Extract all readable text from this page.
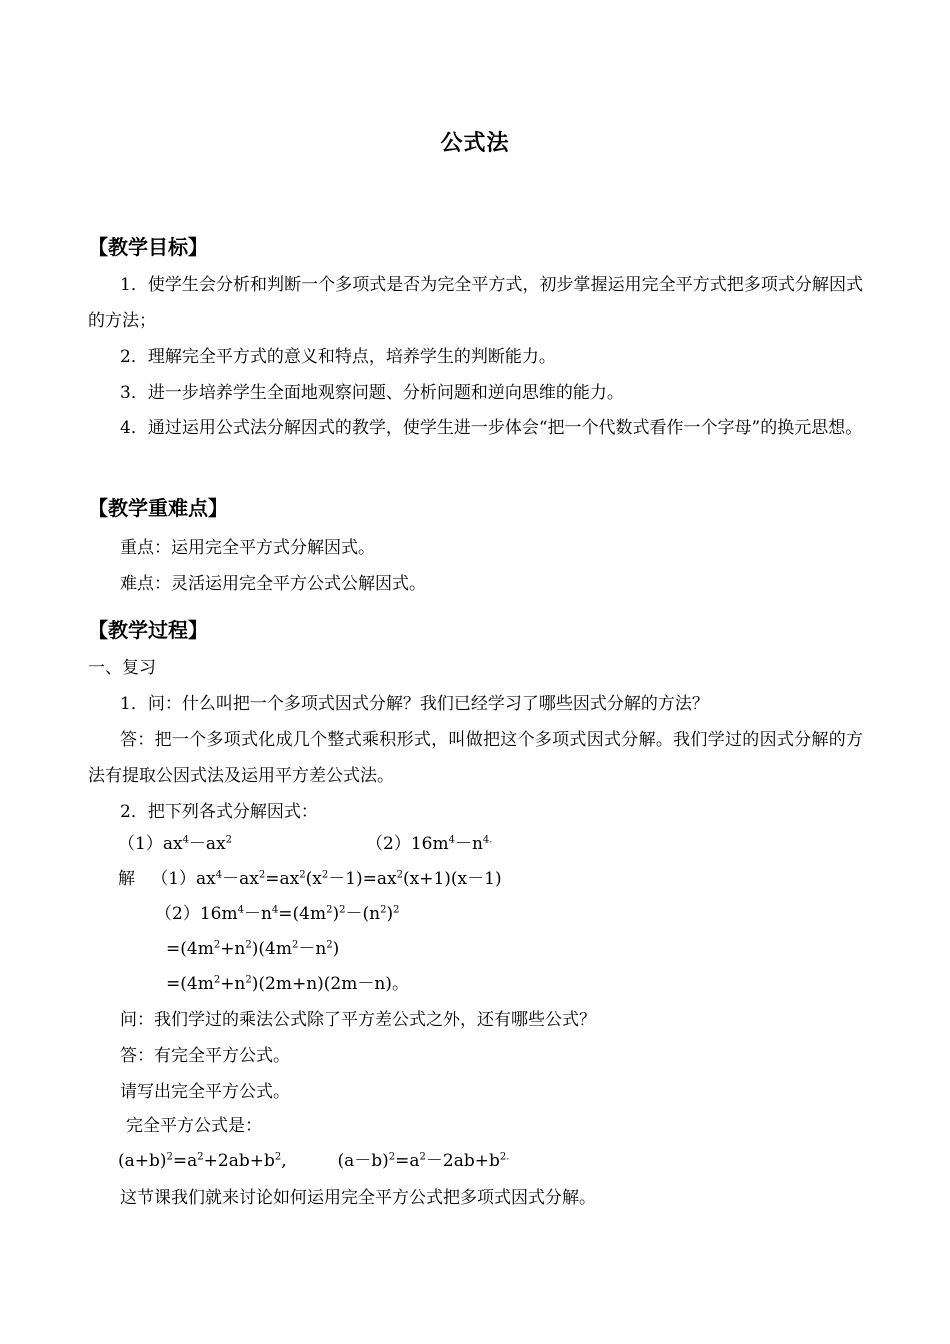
公式法
【教学目标】
1．使学生会分析和判断一个多项式是否为完全平方式，初步掌握运用完全平方式把多项式分解因式的方法；
2．理解完全平方式的意义和特点，培养学生的判断能力。
3．进一步培养学生全面地观察问题、分析问题和逆向思维的能力。
4．通过运用公式法分解因式的教学，使学生进一步体会“把一个代数式看作一个字母”的换元思想。
【教学重难点】
重点：运用完全平方式分解因式。
难点：灵活运用完全平方公式公解因式。
【教学过程】
一、复习
1．问：什么叫把一个多项式因式分解？我们已经学习了哪些因式分解的方法？
答：把一个多项式化成几个整式乘积形式，叫做把这个多项式因式分解。我们学过的因式分解的方法有提取公因式法及运用平方差公式法。
2．把下列各式分解因式：
$(1)ax^4-ax^2$	$(2)16m^4-n^{4.}$
解 $(1)ax^4-ax^2=ax^2(x^2-1)=ax^2(x+1)(x-1)$
$(2)16m^4-n^4=(4m^2)^2-(n^2)^2$
$=(4m^2+n^2)(4m^2-n^2)$
$=(4m^2+n^2)(2m+n)(2m-n)$。
问：我们学过的乘法公式除了平方差公式之外，还有哪些公式？
答：有完全平方公式。
请写出完全平方公式。
完全平方公式是：
$(a+b)^2=a^2+2ab+b^2$,	$(a-b)^2=a^2-2ab+b^{2.}$
这节课我们就来讨论如何运用完全平方公式把多项式因式分解。
